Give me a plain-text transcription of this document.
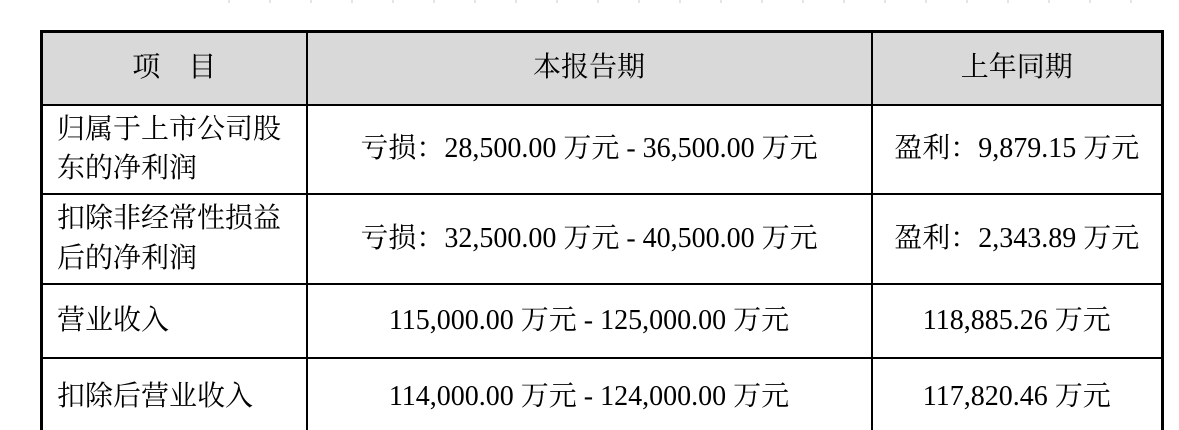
项　目	本报告期	上年同期
归属于上市公司股东的净利润	亏损：28,500.00 万元 - 36,500.00 万元	盈利：9,879.15 万元
扣除非经常性损益后的净利润	亏损：32,500.00 万元 - 40,500.00 万元	盈利：2,343.89 万元
营业收入	115,000.00 万元 - 125,000.00 万元	118,885.26 万元
扣除后营业收入	114,000.00 万元 - 124,000.00 万元	117,820.46 万元
